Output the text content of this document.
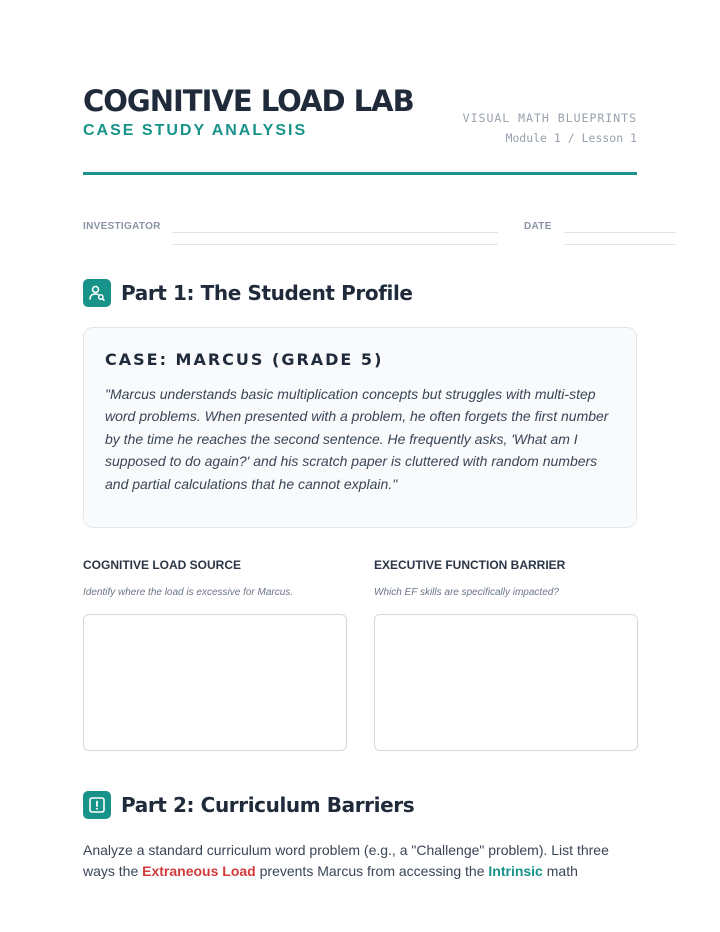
COGNITIVE LOAD LAB
CASE STUDY ANALYSIS
VISUAL MATH BLUEPRINTS
Module 1 / Lesson 1
INVESTIGATOR	DATE
Part 1: The Student Profile
CASE: MARCUS (GRADE 5)
"Marcus understands basic multiplication concepts but struggles with multi-step word problems. When presented with a problem, he often forgets the first number by the time he reaches the second sentence. He frequently asks, 'What am I supposed to do again?' and his scratch paper is cluttered with random numbers and partial calculations that he cannot explain."
COGNITIVE LOAD SOURCE
Identify where the load is excessive for Marcus.
EXECUTIVE FUNCTION BARRIER
Which EF skills are specifically impacted?
Part 2: Curriculum Barriers
Analyze a standard curriculum word problem (e.g., a "Challenge" problem). List three ways the Extraneous Load prevents Marcus from accessing the Intrinsic math
